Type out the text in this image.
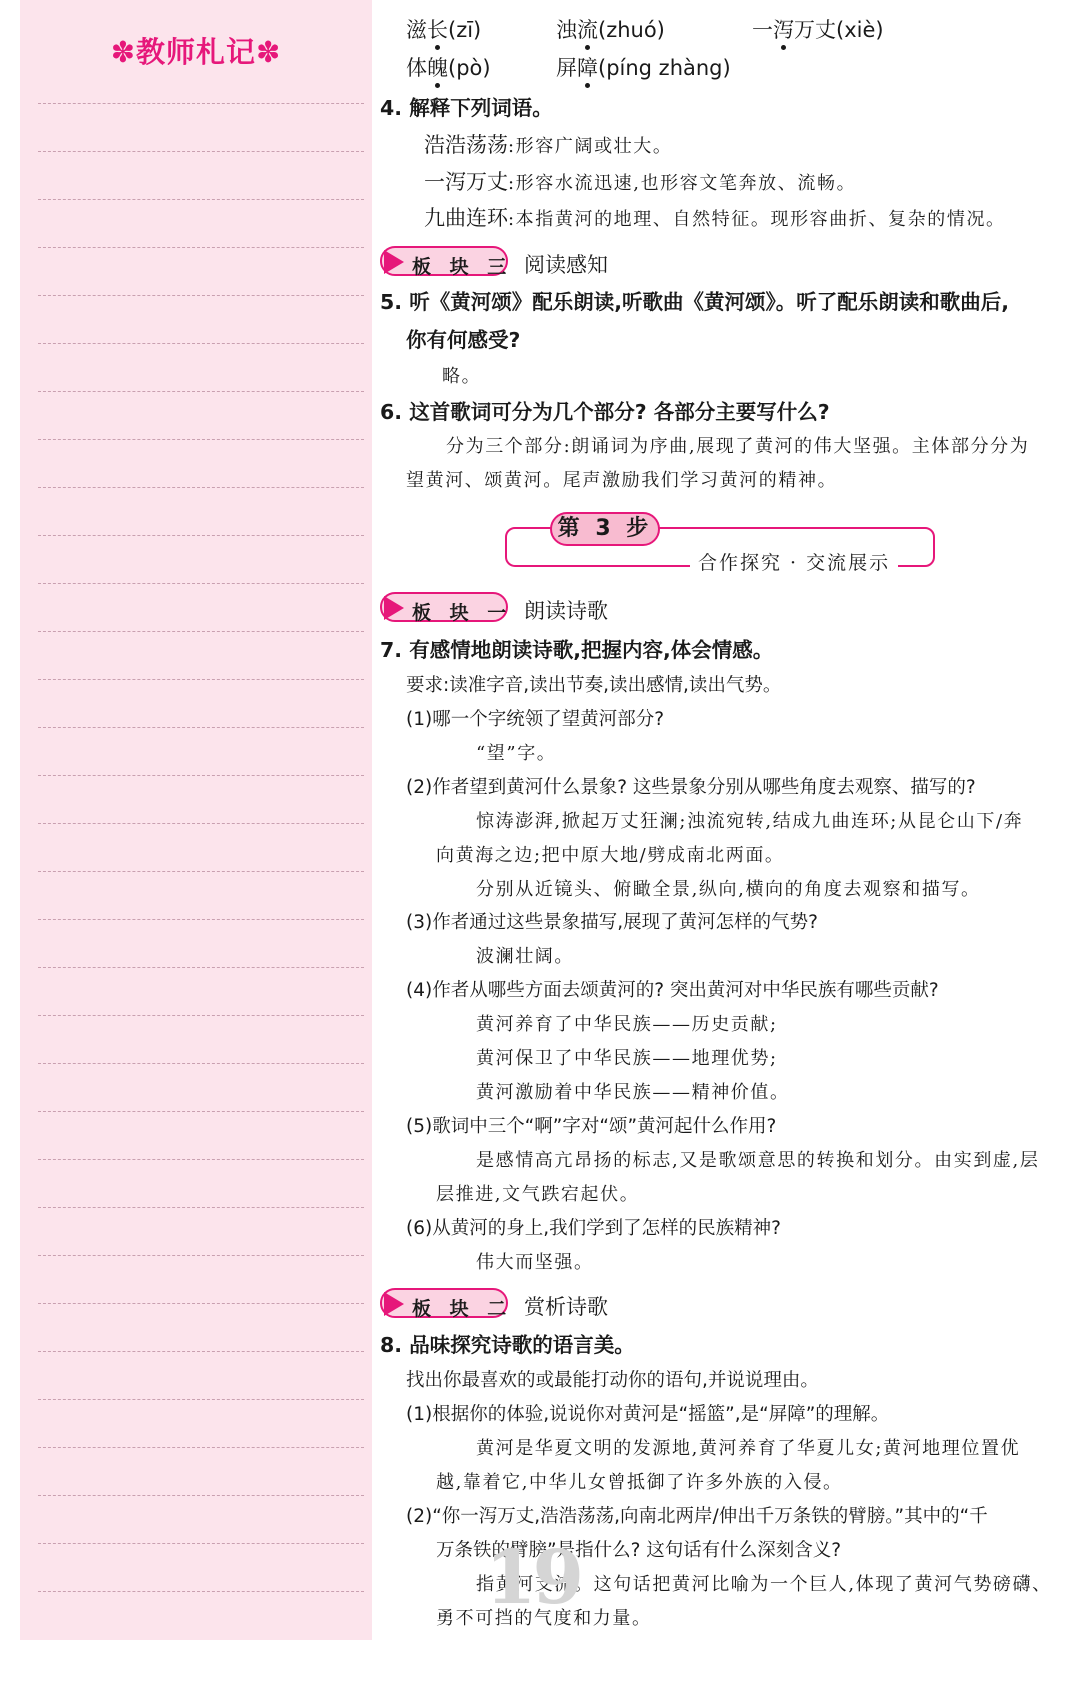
✽教师札记✽
滋长(zī)	浊流(zhuó)	一泻万丈(xiè)
体魄(pò)	屏障(píng zhàng)
4. 解释下列词语。
浩浩荡荡:形容广阔或壮大。
一泻万丈:形容水流迅速,也形容文笔奔放、流畅。
九曲连环:本指黄河的地理、自然特征。现形容曲折、复杂的情况。
板 块 三 阅读感知
5. 听《黄河颂》配乐朗读,听歌曲《黄河颂》。听了配乐朗读和歌曲后,
你有何感受?
略。
6. 这首歌词可分为几个部分? 各部分主要写什么?
分为三个部分:朗诵词为序曲,展现了黄河的伟大坚强。主体部分分为
望黄河、颂黄河。尾声激励我们学习黄河的精神。
7. 有感情地朗读诗歌,把握内容,体会情感。
要求:读准字音,读出节奏,读出感情,读出气势。
(1)哪一个字统领了望黄河部分?
“望”字。
(2)作者望到黄河什么景象? 这些景象分别从哪些角度去观察、描写的?
惊涛澎湃,掀起万丈狂澜;浊流宛转,结成九曲连环;从昆仑山下/奔
向黄海之边;把中原大地/劈成南北两面。
分别从近镜头、俯瞰全景,纵向,横向的角度去观察和描写。
(3)作者通过这些景象描写,展现了黄河怎样的气势?
波澜壮阔。
(4)作者从哪些方面去颂黄河的? 突出黄河对中华民族有哪些贡献?
黄河养育了中华民族——历史贡献;
黄河保卫了中华民族——地理优势;
黄河激励着中华民族——精神价值。
(5)歌词中三个“啊”字对“颂”黄河起什么作用?
是感情高亢昂扬的标志,又是歌颂意思的转换和划分。由实到虚,层
层推进,文气跌宕起伏。
(6)从黄河的身上,我们学到了怎样的民族精神?
伟大而坚强。
板 块 一 朗读诗歌
板 块 二 赏析诗歌
8. 品味探究诗歌的语言美。
找出你最喜欢的或最能打动你的语句,并说说理由。
(1)根据你的体验,说说你对黄河是“摇篮”,是“屏障”的理解。
黄河是华夏文明的发源地,黄河养育了华夏儿女;黄河地理位置优
越,靠着它,中华儿女曾抵御了许多外族的入侵。
(2)“你一泻万丈,浩浩荡荡,向南北两岸/伸出千万条铁的臂膀。”其中的“千
万条铁的臂膀”是指什么? 这句话有什么深刻含义?
指黄河支流。这句话把黄河比喻为一个巨人,体现了黄河气势磅礴、
勇不可挡的气度和力量。
第 3 步
合作探究 · 交流展示
19
